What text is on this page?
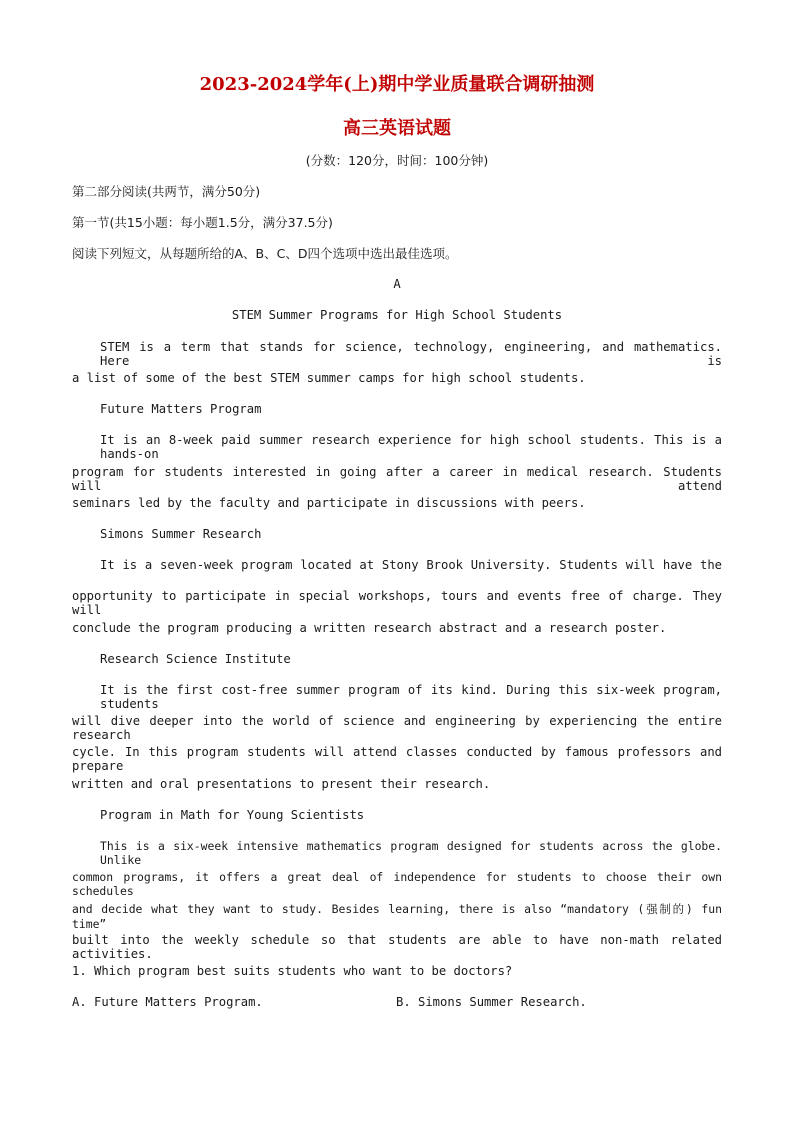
2023-2024学年(上)期中学业质量联合调研抽测
高三英语试题
(分数：120分，时间：100分钟)
第二部分阅读(共两节，满分50分)
第一节(共15小题：每小题1.5分，满分37.5分)
阅读下列短文，从每题所给的A、B、C、D四个选项中选出最佳选项。
A
STEM Summer Programs for High School Students
STEM is a term that stands for science, technology, engineering, and mathematics. Here is
a list of some of the best STEM summer camps for high school students.
Future Matters Program
It is an 8-week paid summer research experience for high school students. This is a hands-on
program for students interested in going after a career in medical research. Students will attend
seminars led by the faculty and participate in discussions with peers.
Simons Summer Research
It is a seven-week program located at Stony Brook University. Students will have the
opportunity to participate in special workshops, tours and events free of charge. They will
conclude the program producing a written research abstract and a research poster.
Research Science Institute
It is the first cost-free summer program of its kind. During this six-week program, students
will dive deeper into the world of science and engineering by experiencing the entire research
cycle. In this program students will attend classes conducted by famous professors and prepare
written and oral presentations to present their research.
Program in Math for Young Scientists
This is a six-week intensive mathematics program designed for students across the globe. Unlike
common programs, it offers a great deal of independence for students to choose their own schedules
and decide what they want to study. Besides learning, there is also “mandatory (强制的) fun time”
built into the weekly schedule so that students are able to have non-math related activities.
1. Which program best suits students who want to be doctors?
A. Future Matters Program.	B. Simons Summer Research.
